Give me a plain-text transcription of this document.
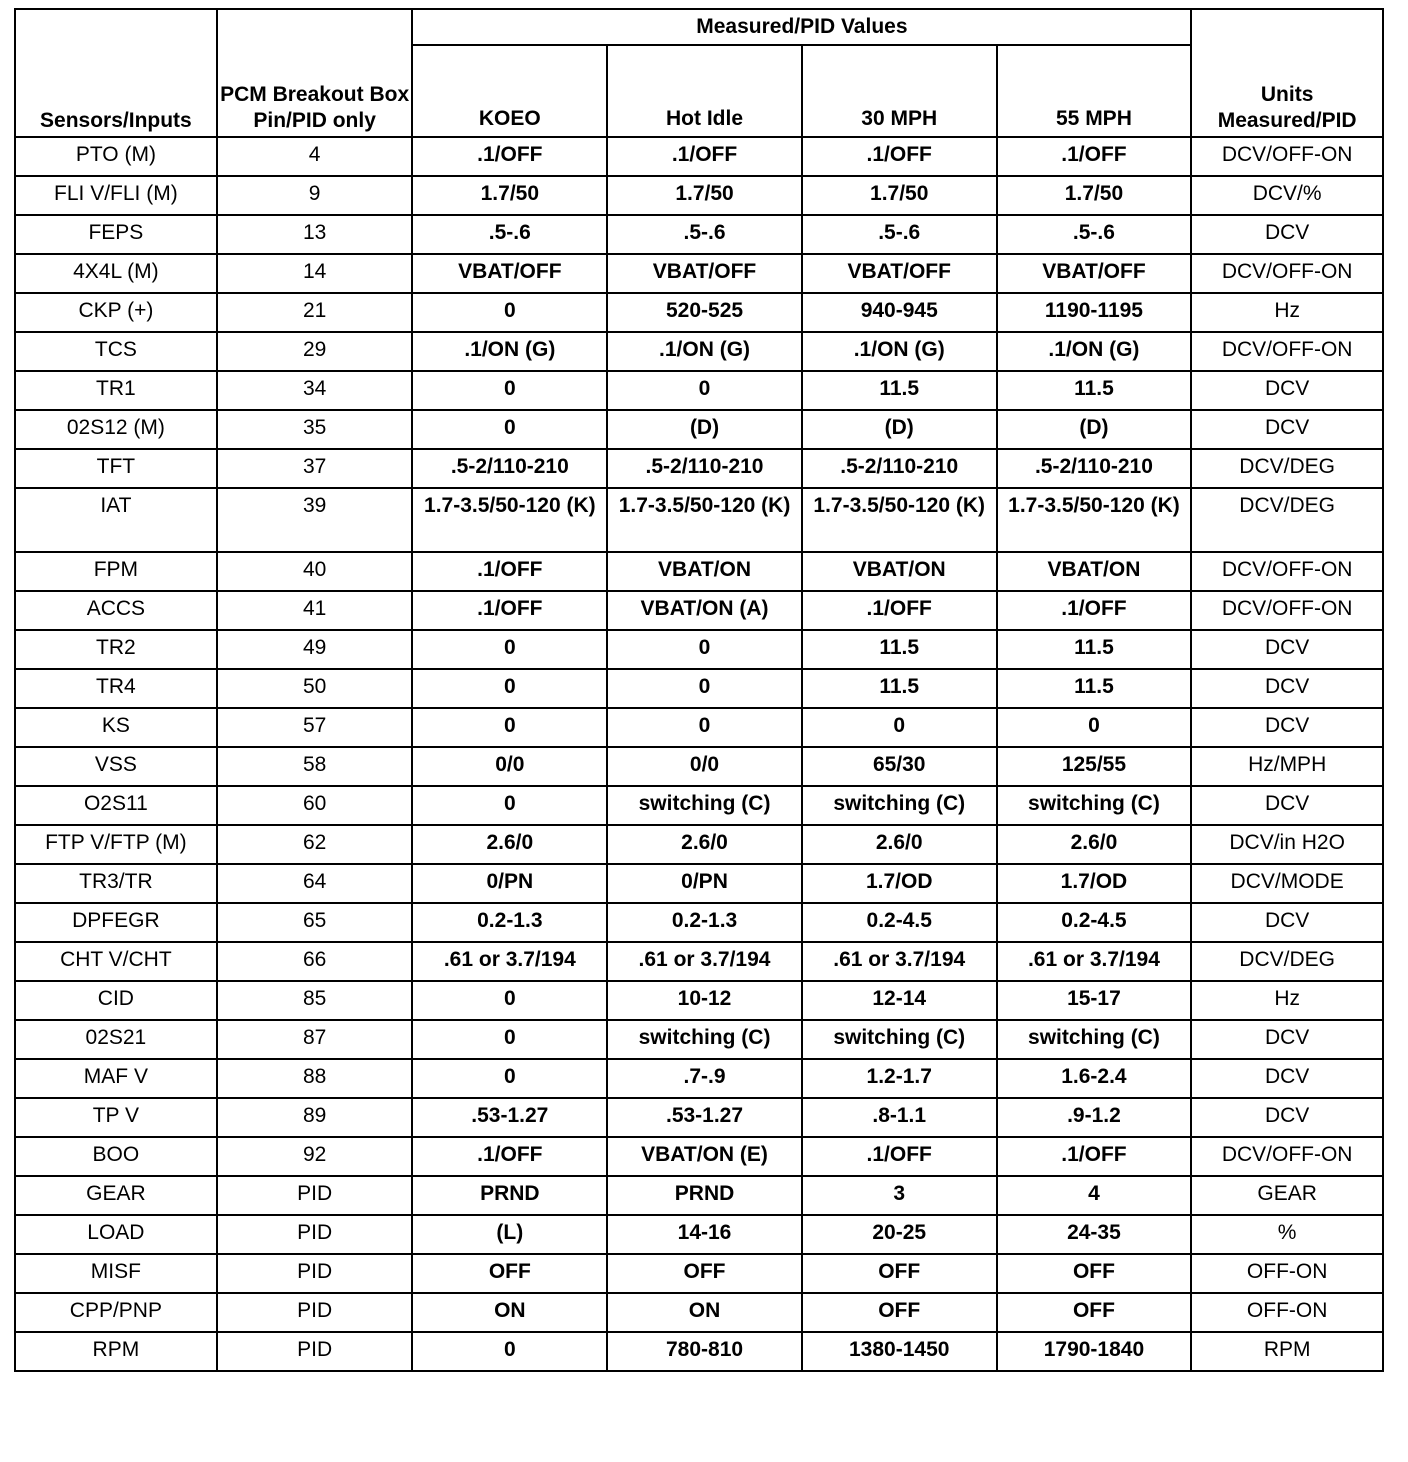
Sensors/Inputs	PCM Breakout Box Pin/PID only	Measured/PID Values				Units Measured/PID
		KOEO	Hot Idle	30 MPH	55 MPH	
PTO (M)	4	.1/OFF	.1/OFF	.1/OFF	.1/OFF	DCV/OFF-ON
FLI V/FLI (M)	9	1.7/50	1.7/50	1.7/50	1.7/50	DCV/%
FEPS	13	.5-.6	.5-.6	.5-.6	.5-.6	DCV
4X4L (M)	14	VBAT/OFF	VBAT/OFF	VBAT/OFF	VBAT/OFF	DCV/OFF-ON
CKP (+)	21	0	520-525	940-945	1190-1195	Hz
TCS	29	.1/ON (G)	.1/ON (G)	.1/ON (G)	.1/ON (G)	DCV/OFF-ON
TR1	34	0	0	11.5	11.5	DCV
02S12 (M)	35	0	(D)	(D)	(D)	DCV
TFT	37	.5-2/110-210	.5-2/110-210	.5-2/110-210	.5-2/110-210	DCV/DEG
IAT	39	1.7-3.5/50-120 (K)	1.7-3.5/50-120 (K)	1.7-3.5/50-120 (K)	1.7-3.5/50-120 (K)	DCV/DEG
FPM	40	.1/OFF	VBAT/ON	VBAT/ON	VBAT/ON	DCV/OFF-ON
ACCS	41	.1/OFF	VBAT/ON (A)	.1/OFF	.1/OFF	DCV/OFF-ON
TR2	49	0	0	11.5	11.5	DCV
TR4	50	0	0	11.5	11.5	DCV
KS	57	0	0	0	0	DCV
VSS	58	0/0	0/0	65/30	125/55	Hz/MPH
O2S11	60	0	switching (C)	switching (C)	switching (C)	DCV
FTP V/FTP (M)	62	2.6/0	2.6/0	2.6/0	2.6/0	DCV/in H2O
TR3/TR	64	0/PN	0/PN	1.7/OD	1.7/OD	DCV/MODE
DPFEGR	65	0.2-1.3	0.2-1.3	0.2-4.5	0.2-4.5	DCV
CHT V/CHT	66	.61 or 3.7/194	.61 or 3.7/194	.61 or 3.7/194	.61 or 3.7/194	DCV/DEG
CID	85	0	10-12	12-14	15-17	Hz
02S21	87	0	switching (C)	switching (C)	switching (C)	DCV
MAF V	88	0	.7-.9	1.2-1.7	1.6-2.4	DCV
TP V	89	.53-1.27	.53-1.27	.8-1.1	.9-1.2	DCV
BOO	92	.1/OFF	VBAT/ON (E)	.1/OFF	.1/OFF	DCV/OFF-ON
GEAR	PID	PRND	PRND	3	4	GEAR
LOAD	PID	(L)	14-16	20-25	24-35	%
MISF	PID	OFF	OFF	OFF	OFF	OFF-ON
CPP/PNP	PID	ON	ON	OFF	OFF	OFF-ON
RPM	PID	0	780-810	1380-1450	1790-1840	RPM
